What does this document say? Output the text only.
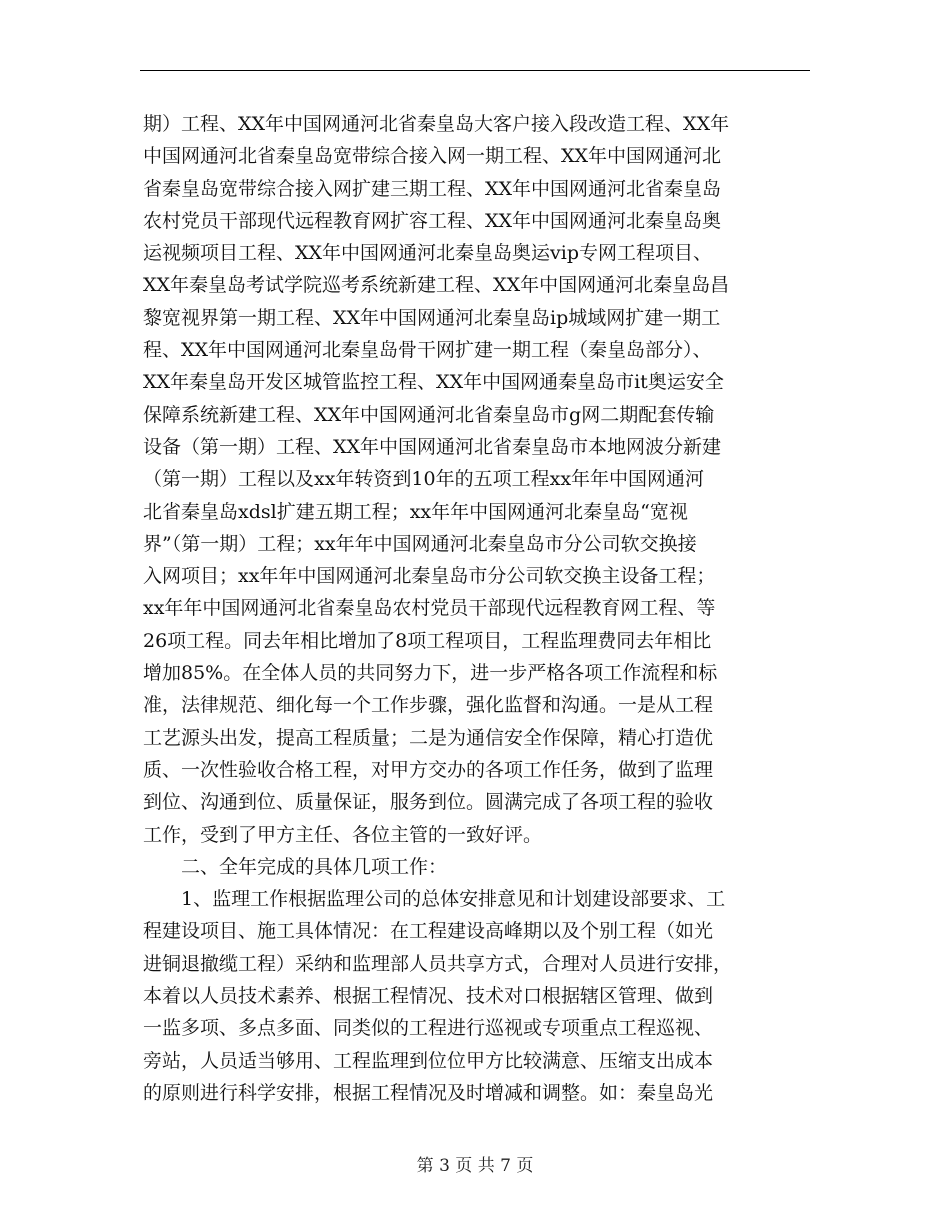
期）工程、XX年中国网通河北省秦皇岛大客户接入段改造工程、XX年
中国网通河北省秦皇岛宽带综合接入网一期工程、XX年中国网通河北
省秦皇岛宽带综合接入网扩建三期工程、XX年中国网通河北省秦皇岛
农村党员干部现代远程教育网扩容工程、XX年中国网通河北秦皇岛奥
运视频项目工程、XX年中国网通河北秦皇岛奥运vip专网工程项目、
XX年秦皇岛考试学院巡考系统新建工程、XX年中国网通河北秦皇岛昌
黎宽视界第一期工程、XX年中国网通河北秦皇岛ip城域网扩建一期工
程、XX年中国网通河北秦皇岛骨干网扩建一期工程（秦皇岛部分）、
XX年秦皇岛开发区城管监控工程、XX年中国网通秦皇岛市it奥运安全
保障系统新建工程、XX年中国网通河北省秦皇岛市g网二期配套传输
设备（第一期）工程、XX年中国网通河北省秦皇岛市本地网波分新建
（第一期）工程以及xx年转资到10年的五项工程xx年年中国网通河
北省秦皇岛xdsl扩建五期工程；xx年年中国网通河北秦皇岛“宽视
界”（第一期）工程；xx年年中国网通河北秦皇岛市分公司软交换接
入网项目；xx年年中国网通河北秦皇岛市分公司软交换主设备工程；
xx年年中国网通河北省秦皇岛农村党员干部现代远程教育网工程、等
26项工程。同去年相比增加了8项工程项目，工程监理费同去年相比
增加85%。在全体人员的共同努力下，进一步严格各项工作流程和标
准，法律规范、细化每一个工作步骤，强化监督和沟通。一是从工程
工艺源头出发，提高工程质量；二是为通信安全作保障，精心打造优
质、一次性验收合格工程，对甲方交办的各项工作任务，做到了监理
到位、沟通到位、质量保证，服务到位。圆满完成了各项工程的验收
工作，受到了甲方主任、各位主管的一致好评。
二、全年完成的具体几项工作：
1、监理工作根据监理公司的总体安排意见和计划建设部要求、工
程建设项目、施工具体情况：在工程建设高峰期以及个别工程（如光
进铜退撤缆工程）采纳和监理部人员共享方式，合理对人员进行安排，
本着以人员技术素养、根据工程情况、技术对口根据辖区管理、做到
一监多项、多点多面、同类似的工程进行巡视或专项重点工程巡视、
旁站，人员适当够用、工程监理到位位甲方比较满意、压缩支出成本
的原则进行科学安排，根据工程情况及时增减和调整。如：秦皇岛光
第 3 页 共 7 页
